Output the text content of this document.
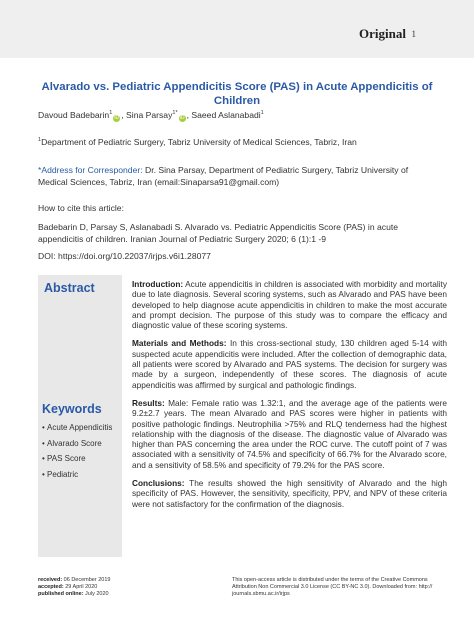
Original 1
Alvarado vs. Pediatric Appendicitis Score (PAS) in Acute Appendicitis of Children
Davoud Badebarin$^1$iD , Sina Parsay$^{1*}$iD , Saeed Aslanabadi$^1$
$^1$Department of Pediatric Surgery, Tabriz University of Medical Sciences, Tabriz, Iran
*Address for Corresponder: Dr. Sina Parsay, Department of Pediatric Surgery, Tabriz University of Medical Sciences, Tabriz, Iran (email:Sinaparsa91@gmail.com)
How to cite this article:
Badebarin D, Parsay S, Aslanabadi S. Alvarado vs. Pediatric Appendicitis Score (PAS) in acute appendicitis of children. Iranian Journal of Pediatric Surgery 2020; 6 (1):1 -9
DOI: https://doi.org/10.22037/irjps.v6i1.28077
Abstract
Keywords
• Acute Appendicitis
• Alvarado Score
• PAS Score
• Pediatric

Introduction: Acute appendicitis in children is associated with morbidity and mortality due to late diagnosis. Several scoring systems, such as Alvarado and PAS have been developed to help diagnose acute appendicitis in children to make the most accurate and prompt decision. The purpose of this study was to compare the efficacy and diagnostic value of these scoring systems.

Materials and Methods: In this cross-sectional study, 130 children aged 5-14 with suspected acute appendicitis were included. After the collection of demographic data, all patients were scored by Alvarado and PAS systems. The decision for surgery was made by a surgeon, independently of these scores. The diagnosis of acute appendicitis was affirmed by surgical and pathologic findings.

Results: Male: Female ratio was 1.32:1, and the average age of the patients were 9.2±2.7 years. The mean Alvarado and PAS scores were higher in patients with positive pathologic findings. Neutrophilia >75% and RLQ tenderness had the highest relationship with the diagnosis of the disease. The diagnostic value of Alvarado was higher than PAS concerning the area under the ROC curve. The cutoff point of 7 was associated with a sensitivity of 74.5% and specificity of 66.7% for the Alvarado score, and a sensitivity of 58.5% and specificity of 79.2% for the PAS score.

Conclusions: The results showed the high sensitivity of Alvarado and the high specificity of PAS. However, the sensitivity, specificity, PPV, and NPV of these criteria were not satisfactory for the confirmation of the diagnosis.

received: 06 December 2019
accepted: 29 April 2020
published online: July 2020
This open-access article is distributed under the terms of the Creative Commons Attribution Non Commercial 3.0 License (CC BY-NC 3.0). Downloaded from: http:// journals.sbmu.ac.ir/irjps
